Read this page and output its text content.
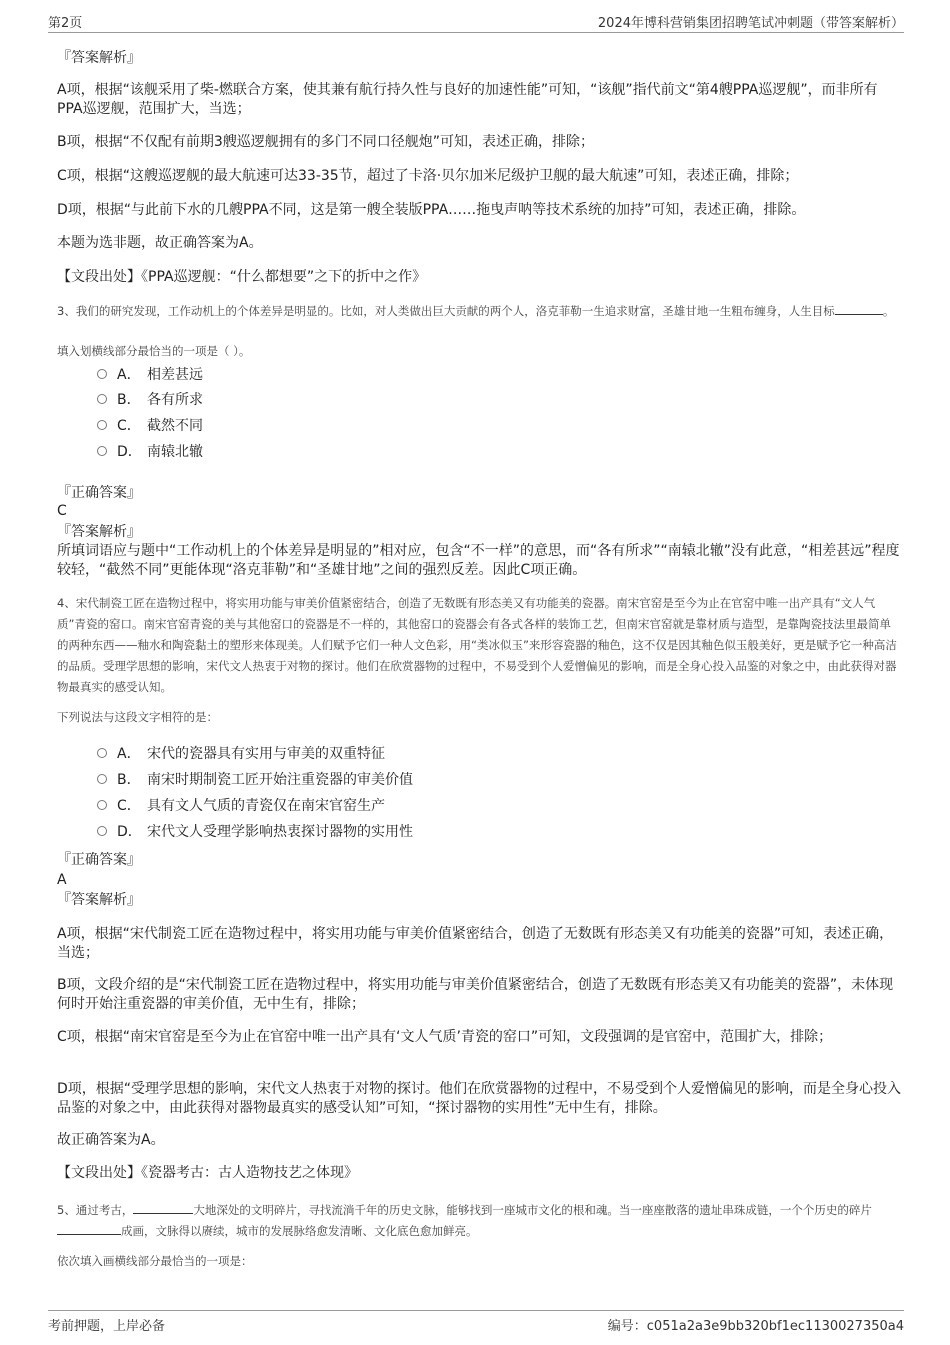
第2页	2024年博科营销集团招聘笔试冲刺题（带答案解析）
『答案解析』
A项，根据“该舰采用了柴-燃联合方案，使其兼有航行持久性与良好的加速性能”可知，“该舰”指代前文“第4艘PPA巡逻舰”，而非所有PPA巡逻舰，范围扩大，当选；
B项，根据“不仅配有前期3艘巡逻舰拥有的多门不同口径舰炮”可知，表述正确，排除；
C项，根据“这艘巡逻舰的最大航速可达33-35节，超过了卡洛·贝尔加米尼级护卫舰的最大航速”可知，表述正确，排除；
D项，根据“与此前下水的几艘PPA不同，这是第一艘全装版PPA……拖曳声呐等技术系统的加持”可知，表述正确，排除。
本题为选非题，故正确答案为A。
【文段出处】《PPA巡逻舰：“什么都想要”之下的折中之作》
3、我们的研究发现，工作动机上的个体差异是明显的。比如，对人类做出巨大贡献的两个人，洛克菲勒一生追求财富，圣雄甘地一生粗布缠身，人生目标	。
填入划横线部分最恰当的一项是（ ）。
A． 相差甚远
B． 各有所求
C． 截然不同
D． 南辕北辙
『正确答案』
C
『答案解析』
所填词语应与题中“工作动机上的个体差异是明显的”相对应，包含“不一样”的意思，而“各有所求”“南辕北辙”没有此意，“相差甚远”程度较轻，“截然不同”更能体现“洛克菲勒”和“圣雄甘地”之间的强烈反差。因此C项正确。
4、宋代制瓷工匠在造物过程中，将实用功能与审美价值紧密结合，创造了无数既有形态美又有功能美的瓷器。南宋官窑是至今为止在官窑中唯一出产具有“文人气质”青瓷的窑口。南宋官窑青瓷的美与其他窑口的瓷器是不一样的，其他窑口的瓷器会有各式各样的装饰工艺，但南宋官窑就是靠材质与造型，是靠陶瓷技法里最简单的两种东西——釉水和陶瓷黏土的塑形来体现美。人们赋予它们一种人文色彩，用“类冰似玉”来形容瓷器的釉色，这不仅是因其釉色似玉般美好，更是赋予它一种高洁的品质。受理学思想的影响，宋代文人热衷于对物的探讨。他们在欣赏器物的过程中，不易受到个人爱憎偏见的影响，而是全身心投入品鉴的对象之中，由此获得对器物最真实的感受认知。
下列说法与这段文字相符的是：
A． 宋代的瓷器具有实用与审美的双重特征
B． 南宋时期制瓷工匠开始注重瓷器的审美价值
C． 具有文人气质的青瓷仅在南宋官窑生产
D． 宋代文人受理学影响热衷探讨器物的实用性
『正确答案』
A
『答案解析』
A项，根据“宋代制瓷工匠在造物过程中，将实用功能与审美价值紧密结合，创造了无数既有形态美又有功能美的瓷器”可知，表述正确，当选；
B项，文段介绍的是“宋代制瓷工匠在造物过程中，将实用功能与审美价值紧密结合，创造了无数既有形态美又有功能美的瓷器”，未体现何时开始注重瓷器的审美价值，无中生有，排除；
C项，根据“南宋官窑是至今为止在官窑中唯一出产具有‘文人气质’青瓷的窑口”可知，文段强调的是官窑中，范围扩大，排除；
D项，根据“受理学思想的影响，宋代文人热衷于对物的探讨。他们在欣赏器物的过程中，不易受到个人爱憎偏见的影响，而是全身心投入品鉴的对象之中，由此获得对器物最真实的感受认知”可知，“探讨器物的实用性”无中生有，排除。
故正确答案为A。
【文段出处】《瓷器考古：古人造物技艺之体现》
5、通过考古，	大地深处的文明碎片，寻找流淌千年的历史文脉，能够找到一座城市文化的根和魂。当一座座散落的遗址串珠成链，一个个历史的碎片成画，文脉得以赓续，城市的发展脉络愈发清晰、文化底色愈加鲜亮。
依次填入画横线部分最恰当的一项是：
考前押题，上岸必备	编号：c051a2a3e9bb320bf1ec1130027350a4
